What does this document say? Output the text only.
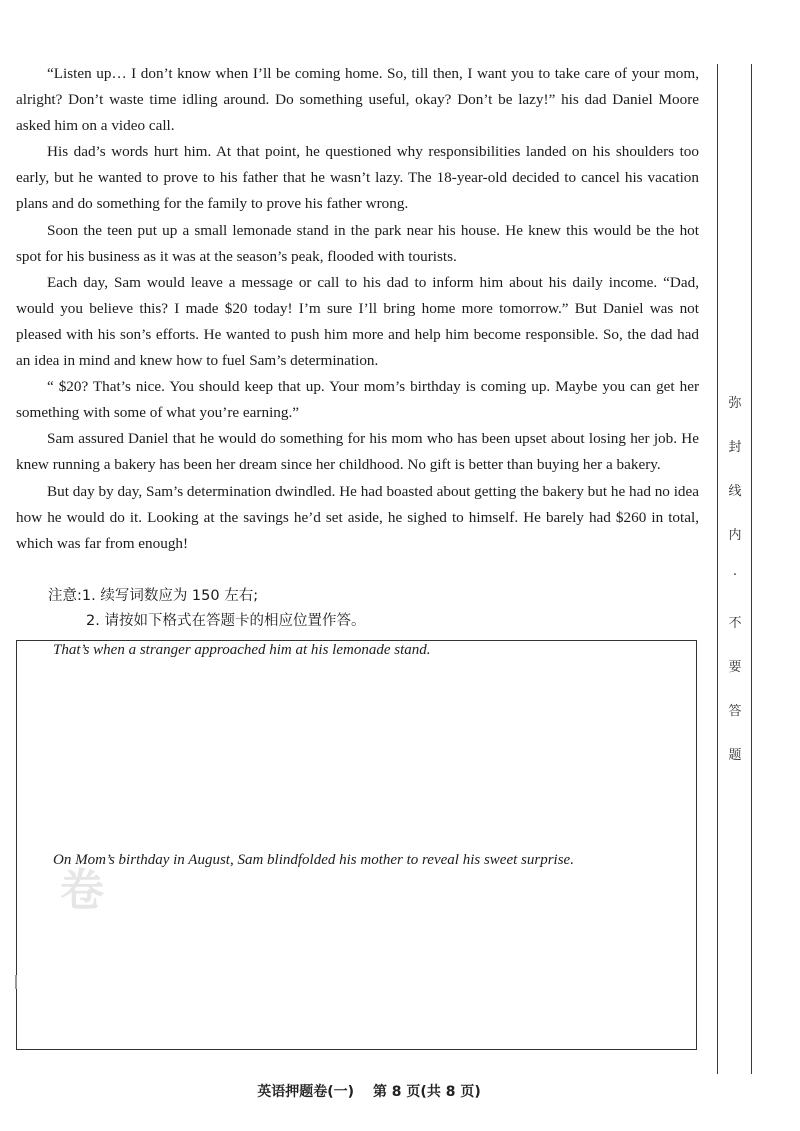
“Listen up… I don’t know when I’ll be coming home. So, till then, I want you to take care of your mom, alright? Don’t waste time idling around. Do something useful, okay? Don’t be lazy!” his dad Daniel Moore asked him on a video call.

His dad’s words hurt him. At that point, he questioned why responsibilities landed on his shoulders too early, but he wanted to prove to his father that he wasn’t lazy. The 18-year-old decided to cancel his vacation plans and do something for the family to prove his father wrong.

Soon the teen put up a small lemonade stand in the park near his house. He knew this would be the hot spot for his business as it was at the season’s peak, flooded with tourists.

Each day, Sam would leave a message or call to his dad to inform him about his daily income. “Dad, would you believe this? I made $20 today! I’m sure I’ll bring home more tomorrow.” But Daniel was not pleased with his son’s efforts. He wanted to push him more and help him become responsible. So, the dad had an idea in mind and knew how to fuel Sam’s determination.

“ $20? That’s nice. You should keep that up. Your mom’s birthday is coming up. Maybe you can get her something with some of what you’re earning.”

Sam assured Daniel that he would do something for his mom who has been upset about losing her job. He knew running a bakery has been her dream since her childhood. No gift is better than buying her a bakery.

But day by day, Sam’s determination dwindled. He had boasted about getting the bakery but he had no idea how he would do it. Looking at the savings he’d set aside, he sighed to himself. He barely had $260 in total, which was far from enough!

注意:1. 续写词数应为 150 左右;
2. 请按如下格式在答题卡的相应位置作答。
That’s when a stranger approached him at his lemonade stand.
On Mom’s birthday in August, Sam blindfolded his mother to reveal his sweet surprise.
卷
弥
封
线
内
·
不
要
答
题
英语押题卷(一) 第 8 页(共 8 页)
